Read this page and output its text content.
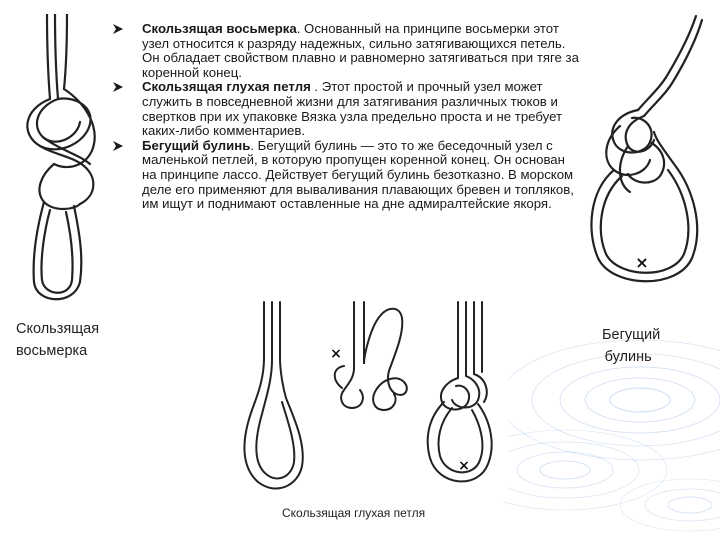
×
×
×
Скользящая восьмерка. Основанный на принципе восьмерки этот узел относится к разряду надежных, сильно затягивающихся петель. Он обладает свойством плавно и равномерно затягиваться при тяге за коренной конец.
Скользящая глухая петля . Этот простой и прочный узел может служить в повседневной жизни для затягивания различных тюков и свертков при их упаковке Вязка узла предельно проста и не требует каких-либо комментариев.
Бегущий булинь. Бегущий булинь — это то же беседочный узел с маленькой петлей, в которую пропущен коренной конец. Он основан на принципе лассо. Действует бегущий булинь безотказно. В морском деле его применяют для вываливания плавающих бревен и топляков, им ищут и поднимают оставленные на дне адмиралтейские якоря.
Скользящая
восьмерка
Бегущий
булинь
Скользящая глухая петля
